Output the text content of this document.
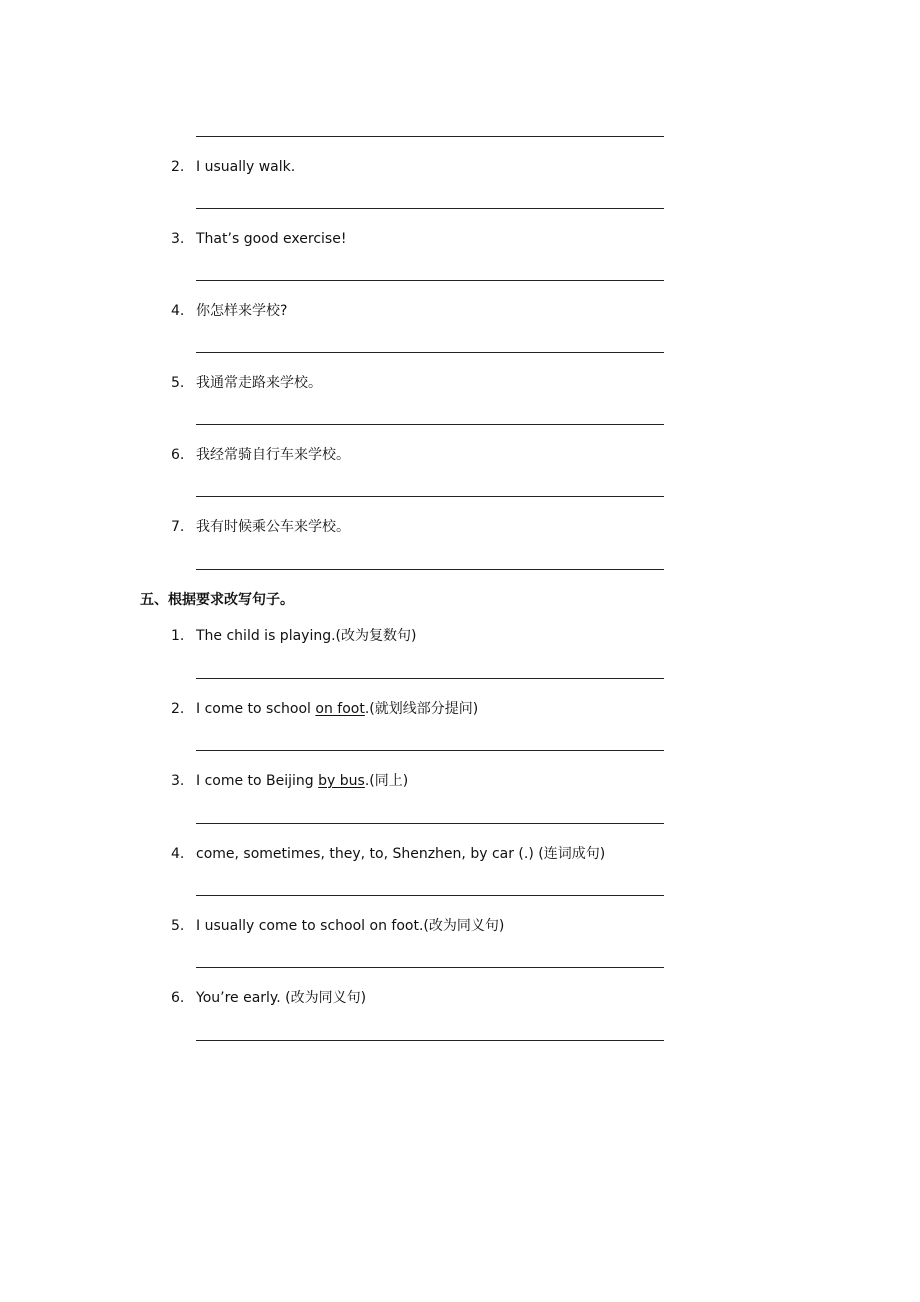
2. I usually walk.
3. That’s good exercise!
4. 你怎样来学校?
5. 我通常走路来学校。
6. 我经常骑自行车来学校。
7. 我有时候乘公车来学校。
五、根据要求改写句子。
1. The child is playing.(改为复数句)
2. I come to school on foot.(就划线部分提问)
3. I come to Beijing by bus.(同上)
4. come, sometimes, they, to, Shenzhen, by car (.) (连词成句)
5. I usually come to school on foot.(改为同义句)
6. You’re early. (改为同义句)
